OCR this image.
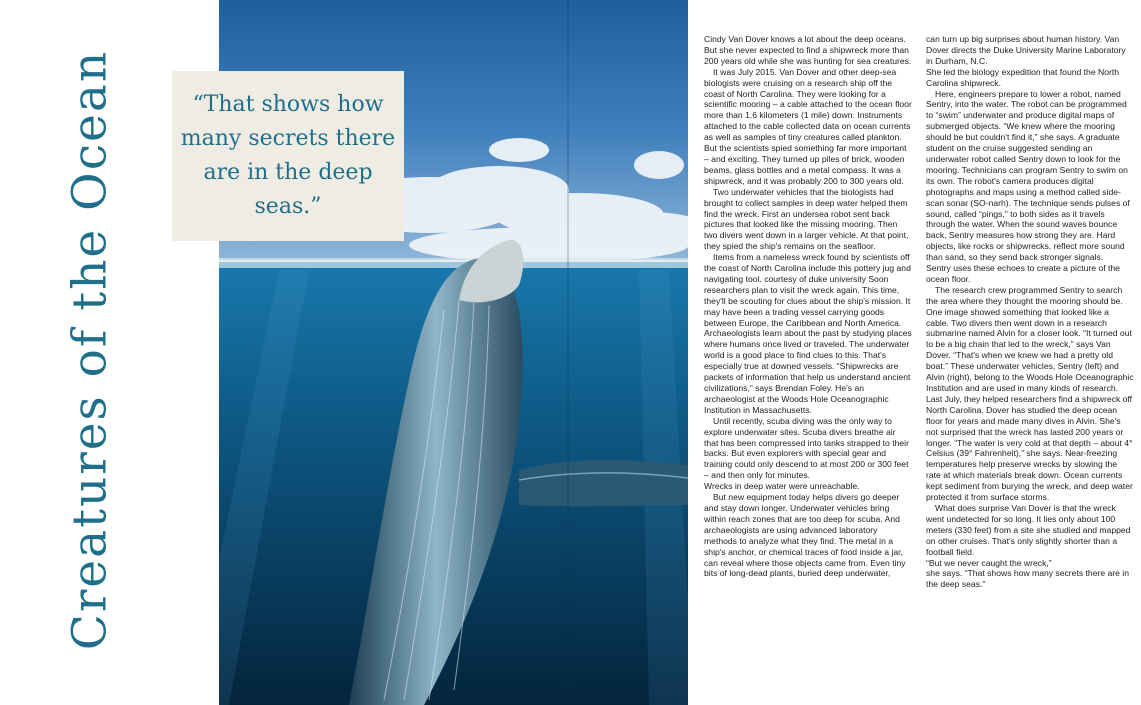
Creatures of the Ocean	“That shows how many secrets there are in the deep seas.”

Cindy Van Dover knows a lot about the deep oceans. But she never expected to find a shipwreck more than 200 years old while she was hunting for sea creatures.

It was July 2015. Van Dover and other deep-sea biologists were cruising on a research ship off the coast of North Carolina. They were looking for a scientific mooring – a cable attached to the ocean floor more than 1.6 kilometers (1 mile) down. Instruments attached to the cable collected data on ocean currents as well as samples of tiny creatures called plankton. But the scientists spied something far more important – and exciting. They turned up piles of brick, wooden beams, glass bottles and a metal compass. It was a shipwreck, and it was probably 200 to 300 years old.

Two underwater vehicles that the biologists had brought to collect samples in deep water helped them find the wreck. First an undersea robot sent back pictures that looked like the missing mooring. Then two divers went down in a larger vehicle. At that point, they spied the ship's remains on the seafloor.

Items from a nameless wreck found by scientists off the coast of North Carolina include this pottery jug and navigating tool. courtesy of duke university Soon researchers plan to visit the wreck again. This time, they'll be scouting for clues about the ship's mission. It may have been a trading vessel carrying goods between Europe, the Caribbean and North America. Archaeologists learn about the past by studying places where humans once lived or traveled. The underwater world is a good place to find clues to this. That's especially true at downed vessels. “Shipwrecks are packets of information that help us understand ancient civilizations,” says Brendan Foley. He's an archaeologist at the Woods Hole Oceanographic Institution in Massachusetts.

Until recently, scuba diving was the only way to explore underwater sites. Scuba divers breathe air that has been compressed into tanks strapped to their backs. But even explorers with special gear and training could only descend to at most 200 or 300 feet – and then only for minutes.

Wrecks in deep water were unreachable.

But new equipment today helps divers go deeper and stay down longer. Underwater vehicles bring within reach zones that are too deep for scuba. And archaeologists are using advanced laboratory methods to analyze what they find. The metal in a ship's anchor, or chemical traces of food inside a jar, can reveal where those objects came from. Even tiny bits of long-dead plants, buried deep underwater,

can turn up big surprises about human history. Van Dover directs the Duke University Marine Laboratory in Durham, N.C.

She led the biology expedition that found the North Carolina shipwreck.

Here, engineers prepare to lower a robot, named Sentry, into the water. The robot can be programmed to “swim” underwater and produce digital maps of submerged objects. “We knew where the mooring should be but couldn't find it,” she says. A graduate student on the cruise suggested sending an underwater robot called Sentry down to look for the mooring. Technicians can program Sentry to swim on its own. The robot's camera produces digital photographs and maps using a method called side-scan sonar (SO-narh). The technique sends pulses of sound, called “pings,” to both sides as it travels through the water. When the sound waves bounce back, Sentry measures how strong they are. Hard objects, like rocks or shipwrecks, reflect more sound than sand, so they send back stronger signals.

Sentry uses these echoes to create a picture of the ocean floor.

The research crew programmed Sentry to search the area where they thought the mooring should be. One image showed something that looked like a cable. Two divers then went down in a research submarine named Alvin for a closer look. “It turned out to be a big chain that led to the wreck,” says Van Dover. “That's when we knew we had a pretty old boat.” These underwater vehicles, Sentry (left) and Alvin (right), belong to the Woods Hole Oceanographic Institution and are used in many kinds of research. Last July, they helped researchers find a shipwreck off North Carolina. Dover has studied the deep ocean floor for years and made many dives in Alvin. She's not surprised that the wreck has lasted 200 years or longer. “The water is very cold at that depth – about 4° Celsius (39° Fahrenheit),” she says. Near-freezing temperatures help preserve wrecks by slowing the rate at which materials break down. Ocean currents kept sediment from burying the wreck, and deep water protected it from surface storms.

What does surprise Van Dover is that the wreck went undetected for so long. It lies only about 100 meters (330 feet) from a site she studied and mapped on other cruises. That's only slightly shorter than a football field.

“But we never caught the wreck,”

she says. “That shows how many secrets there are in the deep seas.”
